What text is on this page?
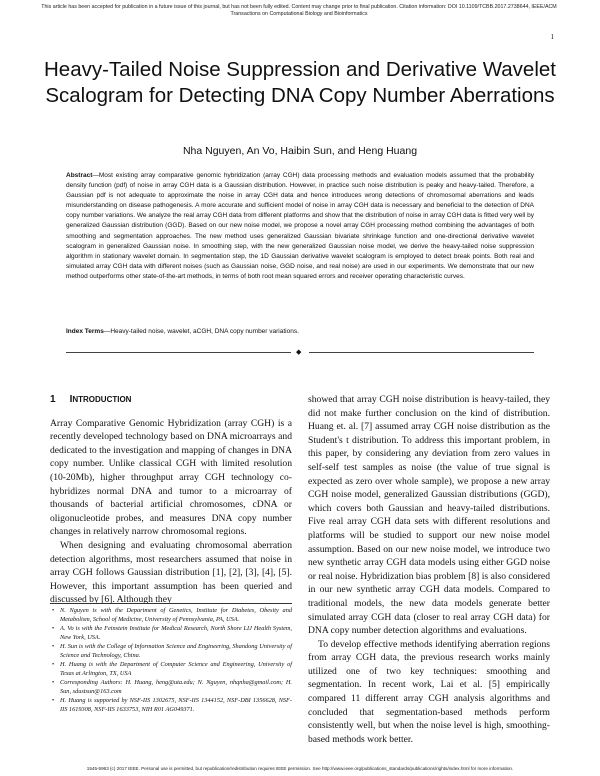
This article has been accepted for publication in a future issue of this journal, but has not been fully edited. Content may change prior to final publication. Citation information: DOI 10.1109/TCBB.2017.2738644, IEEE/ACM
Transactions on Computational Biology and Bioinformatics
1
Heavy-Tailed Noise Suppression and Derivative Wavelet Scalogram for Detecting DNA Copy Number Aberrations
Nha Nguyen, An Vo, Haibin Sun, and Heng Huang
Abstract—Most existing array comparative genomic hybridization (array CGH) data processing methods and evaluation models assumed that the probability density function (pdf) of noise in array CGH data is a Gaussian distribution. However, in practice such noise distribution is peaky and heavy-tailed. Therefore, a Gaussian pdf is not adequate to approximate the noise in array CGH data and hence introduces wrong detections of chromosomal aberrations and leads misunderstanding on disease pathogenesis. A more accurate and sufficient model of noise in array CGH data is necessary and beneficial to the detection of DNA copy number variations. We analyze the real array CGH data from different platforms and show that the distribution of noise in array CGH data is fitted very well by generalized Gaussian distribution (GGD). Based on our new noise model, we propose a novel array CGH processing method combining the advantages of both smoothing and segmentation approaches. The new method uses generalized Gaussian bivariate shrinkage function and one-directional derivative wavelet scalogram in generalized Gaussian noise. In smoothing step, with the new generalized Gaussian noise model, we derive the heavy-tailed noise suppression algorithm in stationary wavelet domain. In segmentation step, the 1D Gaussian derivative wavelet scalogram is employed to detect break points. Both real and simulated array CGH data with different noises (such as Gaussian noise, GGD noise, and real noise) are used in our experiments. We demonstrate that our new method outperforms other state-of-the-art methods, in terms of both root mean squared errors and receiver operating characteristic curves.
Index Terms—Heavy-tailed noise, wavelet, aCGH, DNA copy number variations.
◆
1 INTRODUCTION

Array Comparative Genomic Hybridization (array CGH) is a recently developed technology based on DNA microarrays and dedicated to the investigation and mapping of changes in DNA copy number. Unlike classical CGH with limited resolution (10-20Mb), higher throughput array CGH technology co-hybridizes normal DNA and tumor to a microarray of thousands of bacterial artificial chromosomes, cDNA or oligonucleotide probes, and measures DNA copy number changes in relatively narrow chromosomal regions.

When designing and evaluating chromosomal aberration detection algorithms, most researchers assumed that noise in array CGH follows Gaussian distribution [1], [2], [3], [4], [5]. However, this important assumption has been queried and discussed by [6]. Although they

showed that array CGH noise distribution is heavy-tailed, they did not make further conclusion on the kind of distribution. Huang et. al. [7] assumed array CGH noise distribution as the Student's t distribution. To address this important problem, in this paper, by considering any deviation from zero values in self-self test samples as noise (the value of true signal is expected as zero over whole sample), we propose a new array CGH noise model, generalized Gaussian distributions (GGD), which covers both Gaussian and heavy-tailed distributions. Five real array CGH data sets with different resolutions and platforms will be studied to support our new noise model assumption. Based on our new noise model, we introduce two new synthetic array CGH data models using either GGD noise or real noise. Hybridization bias problem [8] is also considered in our new synthetic array CGH data models. Compared to traditional models, the new data models generate better simulated array CGH data (closer to real array CGH data) for DNA copy number detection algorithms and evaluations.

To develop effective methods identifying aberration regions from array CGH data, the previous research works mainly utilized one of two key techniques: smoothing and segmentation. In recent work, Lai et al. [5] empirically compared 11 different array CGH analysis algorithms and concluded that segmentation-based methods perform consistently well, but when the noise level is high, smoothing-based methods work better.

• N. Nguyen is with the Department of Genetics, Institute for Diabetes, Obesity and Metabolism, School of Medicine, University of Pennsylvania, PA, USA.
• A. Vo is with the Feinstein Institute for Medical Research, North Shore LIJ Health System, New York, USA.
• H. Sun is with the College of Information Science and Engineering, Shandong University of Science and Technology, China.
• H. Huang is with the Department of Computer Science and Engineering, University of Texas at Arlington, TX, USA
• Corresponding Authors: H. Huang, heng@uta.edu; N. Nguyen, nhqnha@gmail.com; H. Sun, sdustsun@163.com
• H. Huang is supported by NSF-IIS 1302675, NSF-IIS 1344152, NSF-DBI 1356628, NSF-IIS 1619308, NSF-IIS 1633753, NIH R01 AG049371.
1545-5963 (c) 2017 IEEE. Personal use is permitted, but republication/redistribution requires IEEE permission. See http://www.ieee.org/publications_standards/publications/rights/index.html for more information.
